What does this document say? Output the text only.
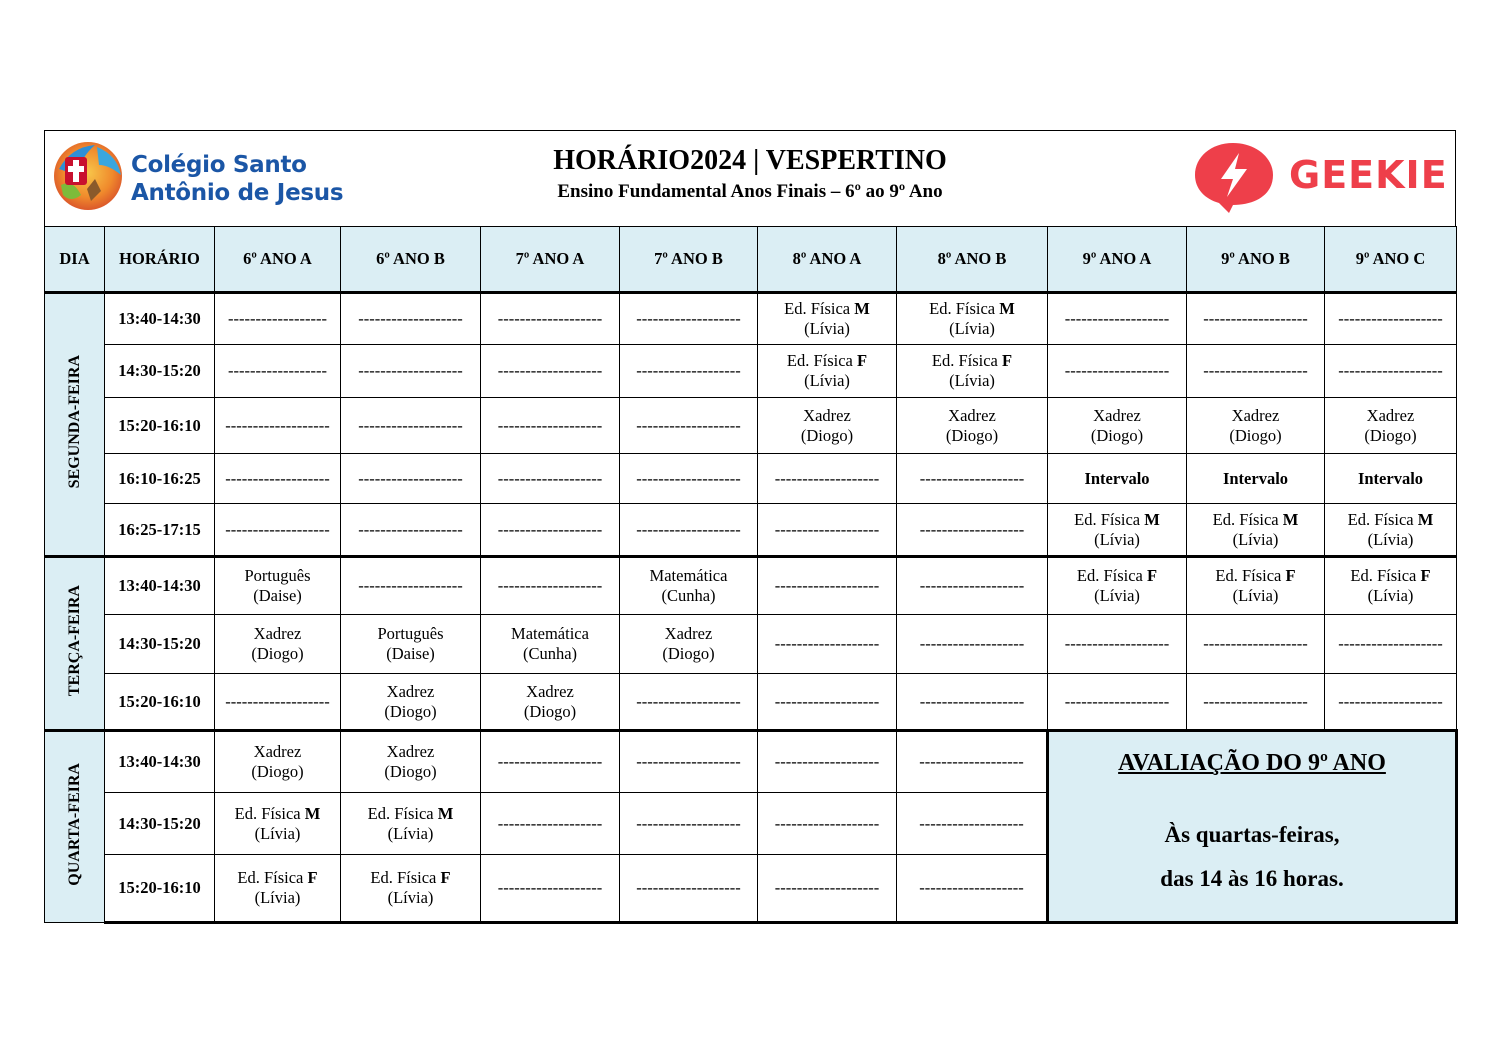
Colégio Santo
Antônio de Jesus
HORÁRIO2024 | VESPERTINO
Ensino Fundamental Anos Finais – 6º ao 9º Ano	GEEKIE
DIA	HORÁRIO	6º ANO A	6º ANO B	7º ANO A	7º ANO B	8º ANO A	8º ANO B	9º ANO A	9º ANO B	9º ANO C
SEGUNDA-FEIRA	13:40-14:30	------------------	-------------------	-------------------	-------------------	Ed. Física M
(Lívia)	Ed. Física M
(Lívia)	-------------------	-------------------	-------------------
	14:30-15:20	------------------	-------------------	-------------------	-------------------	Ed. Física F
(Lívia)	Ed. Física F
(Lívia)	-------------------	-------------------	-------------------
	15:20-16:10	-------------------	-------------------	-------------------	-------------------	Xadrez
(Diogo)	Xadrez
(Diogo)	Xadrez
(Diogo)	Xadrez
(Diogo)	Xadrez
(Diogo)
	16:10-16:25	-------------------	-------------------	-------------------	-------------------	-------------------	-------------------	Intervalo	Intervalo	Intervalo
	16:25-17:15	-------------------	-------------------	-------------------	-------------------	-------------------	-------------------	Ed. Física M
(Lívia)	Ed. Física M
(Lívia)	Ed. Física M
(Lívia)
TERÇA-FEIRA	13:40-14:30	Português
(Daise)	-------------------	-------------------	Matemática
(Cunha)	-------------------	-------------------	Ed. Física F
(Lívia)	Ed. Física F
(Lívia)	Ed. Física F
(Lívia)
	14:30-15:20	Xadrez
(Diogo)	Português
(Daise)	Matemática
(Cunha)	Xadrez
(Diogo)	-------------------	-------------------	-------------------	-------------------	-------------------
	15:20-16:10	-------------------	Xadrez
(Diogo)	Xadrez
(Diogo)	-------------------	-------------------	-------------------	-------------------	-------------------	-------------------
QUARTA-FEIRA	13:40-14:30	Xadrez
(Diogo)	Xadrez
(Diogo)	-------------------	-------------------	-------------------	-------------------	AVALIAÇÃO DO 9º ANO
Às quartas-feiras,
das 14 às 16 horas.		

	14:30-15:20	Ed. Física M
(Lívia)	Ed. Física M
(Lívia)	-------------------	-------------------	-------------------	-------------------			
	15:20-16:10	Ed. Física F
(Lívia)	Ed. Física F
(Lívia)	-------------------	-------------------	-------------------	-------------------			
